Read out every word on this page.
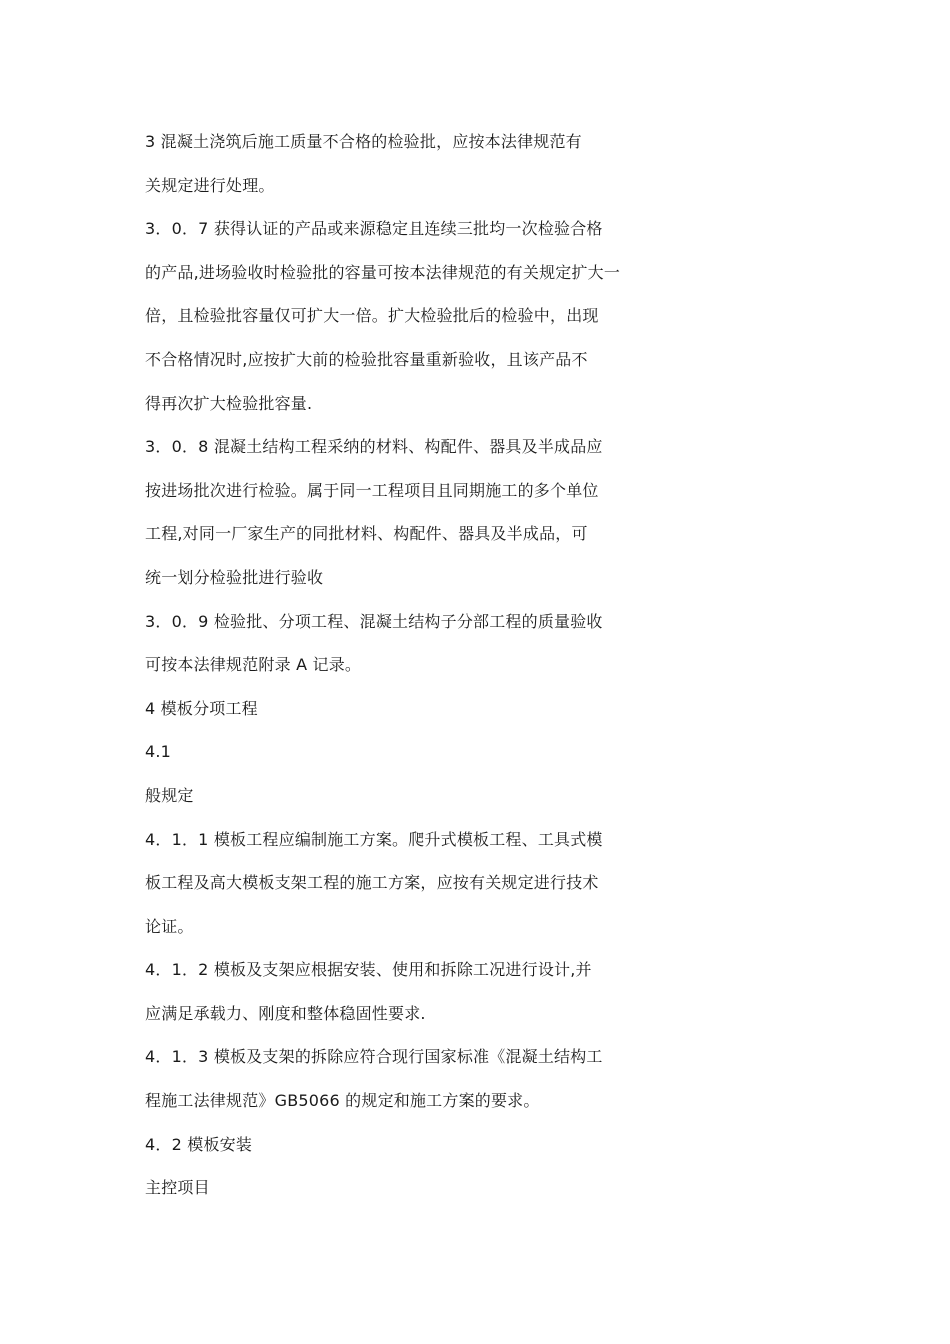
3 混凝土浇筑后施工质量不合格的检验批，应按本法律规范有
关规定进行处理。
3．0．7 获得认证的产品或来源稳定且连续三批均一次检验合格
的产品,进场验收时检验批的容量可按本法律规范的有关规定扩大一
倍，且检验批容量仅可扩大一倍。扩大检验批后的检验中，出现
不合格情况时,应按扩大前的检验批容量重新验收，且该产品不
得再次扩大检验批容量.
3．0．8 混凝土结构工程采纳的材料、构配件、器具及半成品应
按进场批次进行检验。属于同一工程项目且同期施工的多个单位
工程,对同一厂家生产的同批材料、构配件、器具及半成品，可
统一划分检验批进行验收
3．0．9 检验批、分项工程、混凝土结构子分部工程的质量验收
可按本法律规范附录 A 记录。
4 模板分项工程
4.1
般规定
4．1．1 模板工程应编制施工方案。爬升式模板工程、工具式模
板工程及高大模板支架工程的施工方案，应按有关规定进行技术
论证。
4．1．2 模板及支架应根据安装、使用和拆除工况进行设计,并
应满足承载力、刚度和整体稳固性要求.
4．1．3 模板及支架的拆除应符合现行国家标准《混凝土结构工
程施工法律规范》GB5066 的规定和施工方案的要求。
4．2 模板安装
主控项目
